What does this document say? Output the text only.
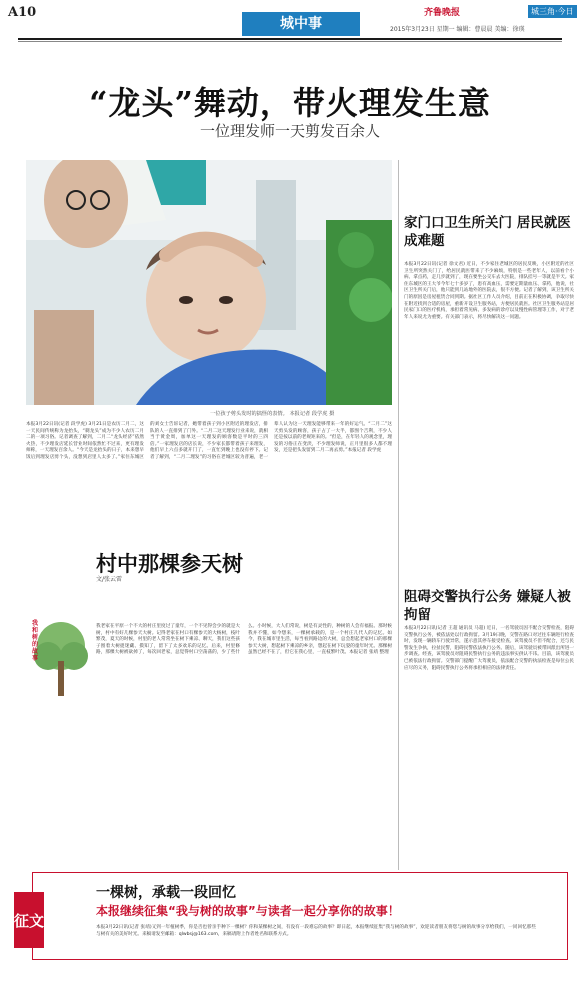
A10
城中事
齐鲁晚报	城三角·今日
2015年3月23日 星期一 编辑：曹晨晨 美编：徐瑛
“龙头”舞动，带火理发生意
一位理发师一天剪发百余人
一位孩子剪头发时的搞怪的表情。 本报记者 段学虎 摄
本报3月22日讯(记者 段学虎) 3月21日是农历二月二，这一天民间传统称为龙抬头，“剃龙头”成为不少人农历二月二的一项习俗。记者调查了解到，二月二“龙头经济”依然火热，不少理发店延长营业时间依然忙不过来，更有理发师称，一天理发百余人。“今天是龙抬头的日子，本来想早饭后到理发店剪个头，没想到店里人太多了。”家住东城区的刘女士告诉记者，她带着孩子到小区附近的理发店，排队的人一直排到了门外。“二月二这天理发行业来说，就相当于黄金周，加单这一天理发的顾客数是平时的三四倍。”一家理发店的店长说，不少家长都带着孩子来理发，他们早上六点多就开门了，一直忙到晚上也没有停下。记者了解到，“二月二理发”的习俗在老城区较为普遍，老一辈人认为这一天理发能够带来一年的好运气。“二月二”这天剪头发的顾客，孩子占了一大半，都图个吉利，不少人还是按以前的老规矩来的。“但是，在年轻人的观念里，理发的习俗正在变淡，不少理发师说，正月里很多人都不理发，还是把头发留到二月二再去剪。”本报记者 段学虎
村中那棵参天树
文/张云雷
我和树的故事
我老家在平原一个不大的村庄里度过了童年，一个不见得会少的就是大树，村中有好几棵参天大树。记得老家在村口有棵参天的大杨树，枝叶繁茂，夏天的时候，村里的老人常常坐在树下乘凉、聊天，我们这些孩子围着大树捉迷藏、摸知了，留下了太多欢乐的记忆。后来，村里修路，那棵大树被砍掉了，每次回老家，总觉得村口空荡荡的，少了些什么。小时候，大人们常说，树是有灵性的，种树的人会有福报。那时候我并不懂，如今想来，一棵树承载的，是一个村庄几代人的记忆。如今，我在城市里生活，每当看到路边的大树，总会想起老家村口的那棵参天大树，想起树下乘凉的乡亲，想起在树下玩耍的童年时光。那棵树虽然已经不在了，但它在我心里，一直枝繁叶茂。本报记者 张靖 整理
家门口卫生所关门 居民就医成难题
本报3月22日讯(记者 徐文君) 近日，不少家住老城区的居民反映，小区附近的社区卫生所突然关门了，给居民就医带来了不少麻烦，特别是一些老年人，以前看个小病、拿点药，走几步就到了，现在要坐公交车去大医院，排队挂号一等就是半天。家住东城区的王大爷今年七十多岁了，患有高血压，需要定期量血压、拿药，他说，社区卫生所关门后，他只能到几站地外的医院去，很不方便。记者了解到，该卫生所关门的原因是房屋租赁合同到期。据社区工作人员介绍，目前正在积极协调，争取尽快在附近找到合适的房屋，重新开设卫生服务站，方便居民就医。社区卫生服务站是居民家门口的医疗机构，承担着常见病、多发病的诊疗以及慢性病管理等工作，对于老年人来说尤为重要。有关部门表示，将尽快解决这一问题。
阻碍交警执行公务 嫌疑人被拘留
本报3月22日讯(记者 王超 通讯员 马超) 近日，一名驾驶员因不配合交警检查，阻碍交警执行公务，被依法处以行政拘留。3月19日晚，交警在路口对过往车辆进行检查时，发现一辆轿车行驶异常，遂示意其停车接受检查。该驾驶员不但不配合，还与民警发生争执，拉扯民警，阻碍民警依法执行公务。随后，该驾驶员被带回派出所进一步调查。经查，该驾驶员对阻碍民警执行公务的违法事实供认不讳。目前，该驾驶员已被依法行政拘留。交警部门提醒广大驾驶员，依法配合交警的执法检查是每位公民应尽的义务，阻碍民警执行公务将承担相应的法律责任。
征文
一棵树，承载一段回忆
本报继续征集“我与树的故事”与读者一起分享你的故事！
本报3月22日讯(记者 张靖)又到一年植树季，你是否也曾亲手种下一棵树？你和某棵树之间，有没有一段难忘的故事？即日起，本报继续征集“我与树的故事”，欢迎读者朋友将您与树的故事分享给我们，一同回忆那些与树有关的美好时光。来稿请发至邮箱：qlwbsj@163.com，来稿请附上作者姓名和联系方式。
